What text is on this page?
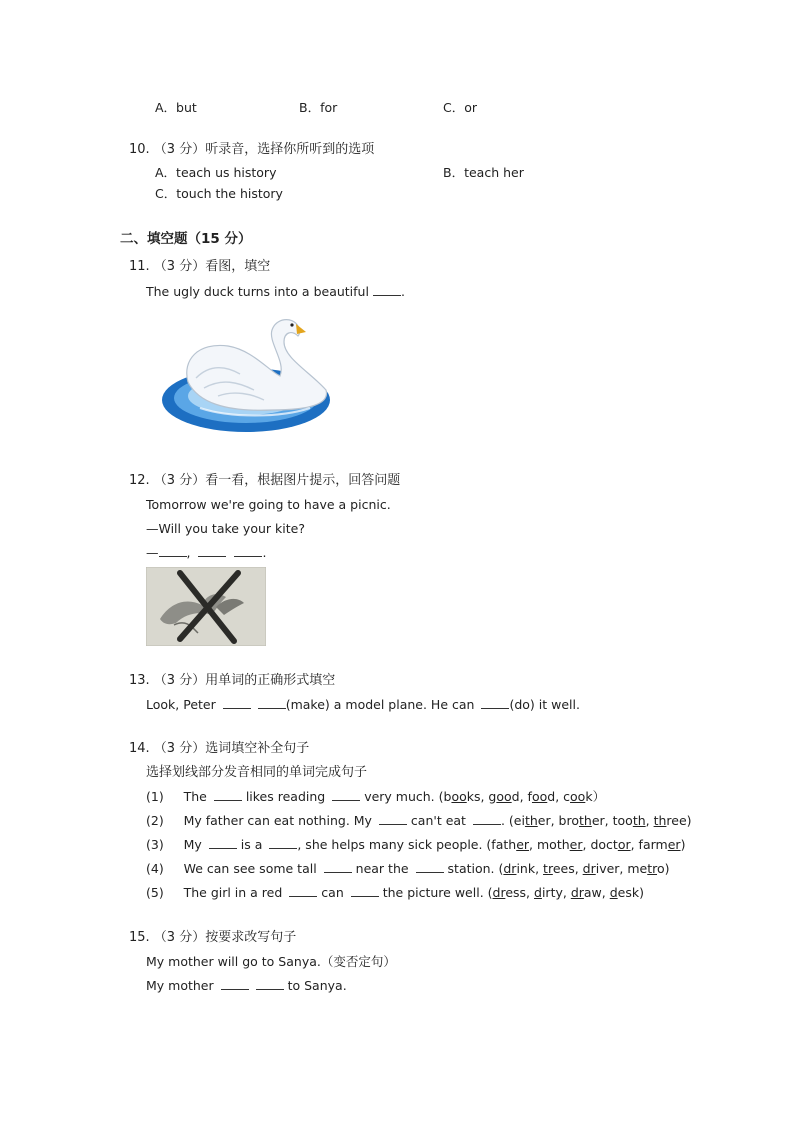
A．but	B．for	C．or
10. （3 分）听录音，选择你所听到的选项
A．teach us history	B．teach her
C．touch the history
二、填空题（15 分）
11. （3 分）看图，填空
The ugly duck turns into a beautiful	.
12. （3 分）看一看，根据图片提示，回答问题
Tomorrow we're going to have a picnic.
—Will you take your kite?
— ,	.
13. （3 分）用单词的正确形式填空
Look, Peter	(make) a model plane. He can	(do) it well.
14. （3 分）选词填空补全句子
选择划线部分发音相同的单词完成句子
(1) The	likes reading	very much. (books, good, food, cook）
(2) My father can eat nothing. My	can't eat	. (either, brother, tooth, three)
(3) My	is a	, she helps many sick people. (father, mother, doctor, farmer)
(4) We can see some tall	near the	station. (drink, trees, driver, metro)
(5) The girl in a red	can	the picture well. (dress, dirty, draw, desk)
15. （3 分）按要求改写句子
My mother will go to Sanya.（变否定句）
My mother	to Sanya.
